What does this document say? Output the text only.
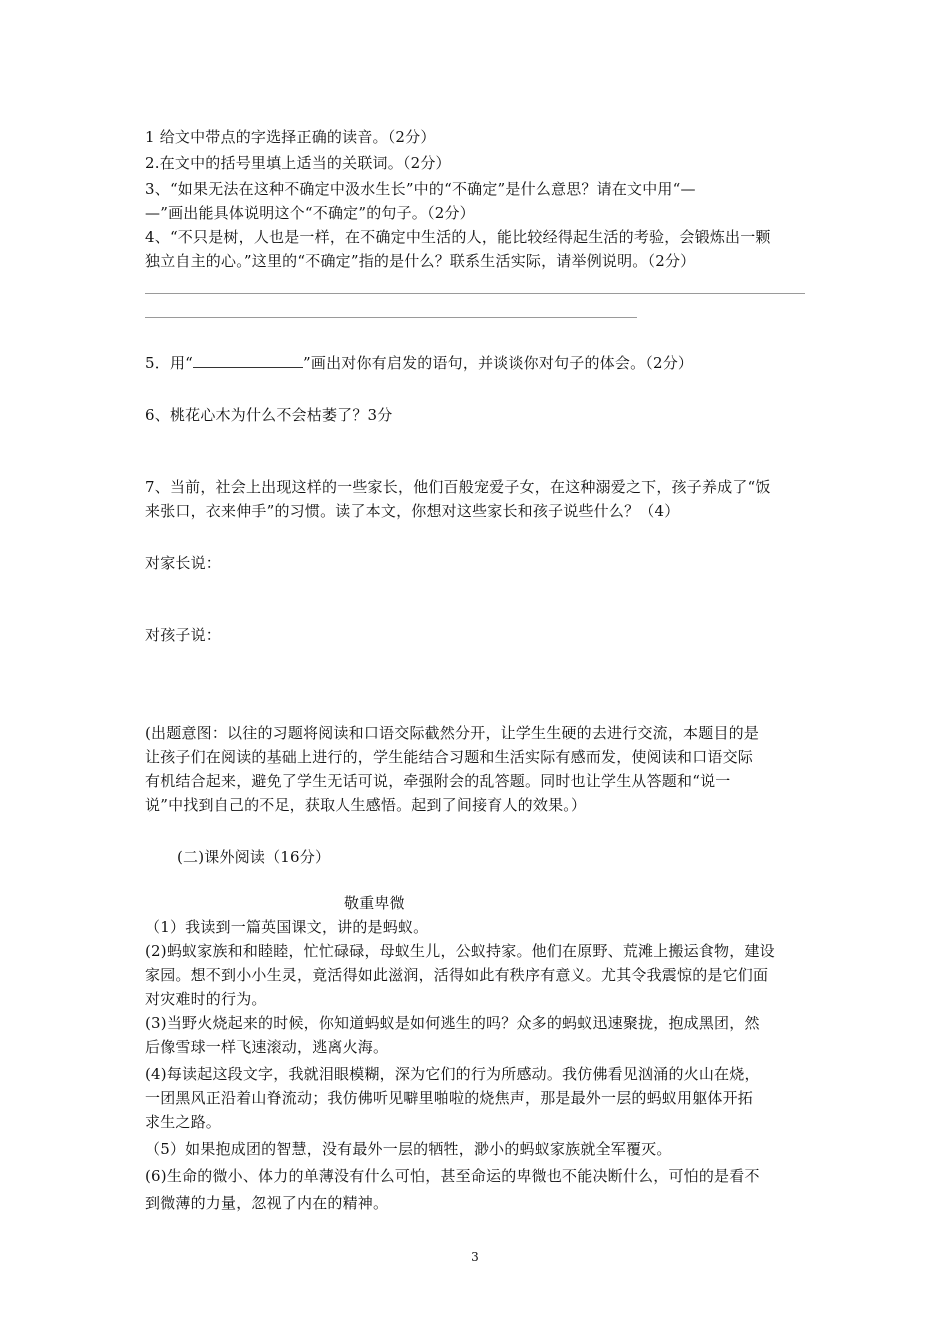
1 给文中带点的字选择正确的读音。（2分）
2.在文中的括号里填上适当的关联词。（2分）
3、“如果无法在这种不确定中汲水生长”中的“不确定”是什么意思？请在文中用“—
—”画出能具体说明这个“不确定”的句子。（2分）
4、“不只是树，人也是一样，在不确定中生活的人，能比较经得起生活的考验，会锻炼出一颗
独立自主的心。”这里的“不确定”指的是什么？联系生活实际，请举例说明。（2分）
5．用“	”画出对你有启发的语句，并谈谈你对句子的体会。（2分）
6、桃花心木为什么不会枯萎了？3分
7、当前，社会上出现这样的一些家长，他们百般宠爱子女，在这种溺爱之下，孩子养成了“饭
来张口，衣来伸手”的习惯。读了本文，你想对这些家长和孩子说些什么？（4）
对家长说：
对孩子说：
(出题意图：以往的习题将阅读和口语交际截然分开，让学生生硬的去进行交流，本题目的是
让孩子们在阅读的基础上进行的，学生能结合习题和生活实际有感而发，使阅读和口语交际
有机结合起来，避免了学生无话可说，牵强附会的乱答题。同时也让学生从答题和“说一
说”中找到自己的不足，获取人生感悟。起到了间接育人的效果。）
(二)课外阅读（16分）
敬重卑微
（1）我读到一篇英国课文，讲的是蚂蚁。
(2)蚂蚁家族和和睦睦，忙忙碌碌，母蚁生儿，公蚁持家。他们在原野、荒滩上搬运食物，建设
家园。想不到小小生灵，竟活得如此滋润，活得如此有秩序有意义。尤其令我震惊的是它们面
对灾难时的行为。
(3)当野火烧起来的时候，你知道蚂蚁是如何逃生的吗？众多的蚂蚁迅速聚拢，抱成黑团，然
后像雪球一样飞速滚动，逃离火海。
(4)每读起这段文字，我就泪眼模糊，深为它们的行为所感动。我仿佛看见汹涌的火山在烧，
一团黑风正沿着山脊流动；我仿佛听见噼里啪啦的烧焦声，那是最外一层的蚂蚁用躯体开拓
求生之路。
（5）如果抱成团的智慧，没有最外一层的牺牲，渺小的蚂蚁家族就全军覆灭。
(6)生命的微小、体力的单薄没有什么可怕，甚至命运的卑微也不能决断什么，可怕的是看不
到微薄的力量，忽视了内在的精神。
3
